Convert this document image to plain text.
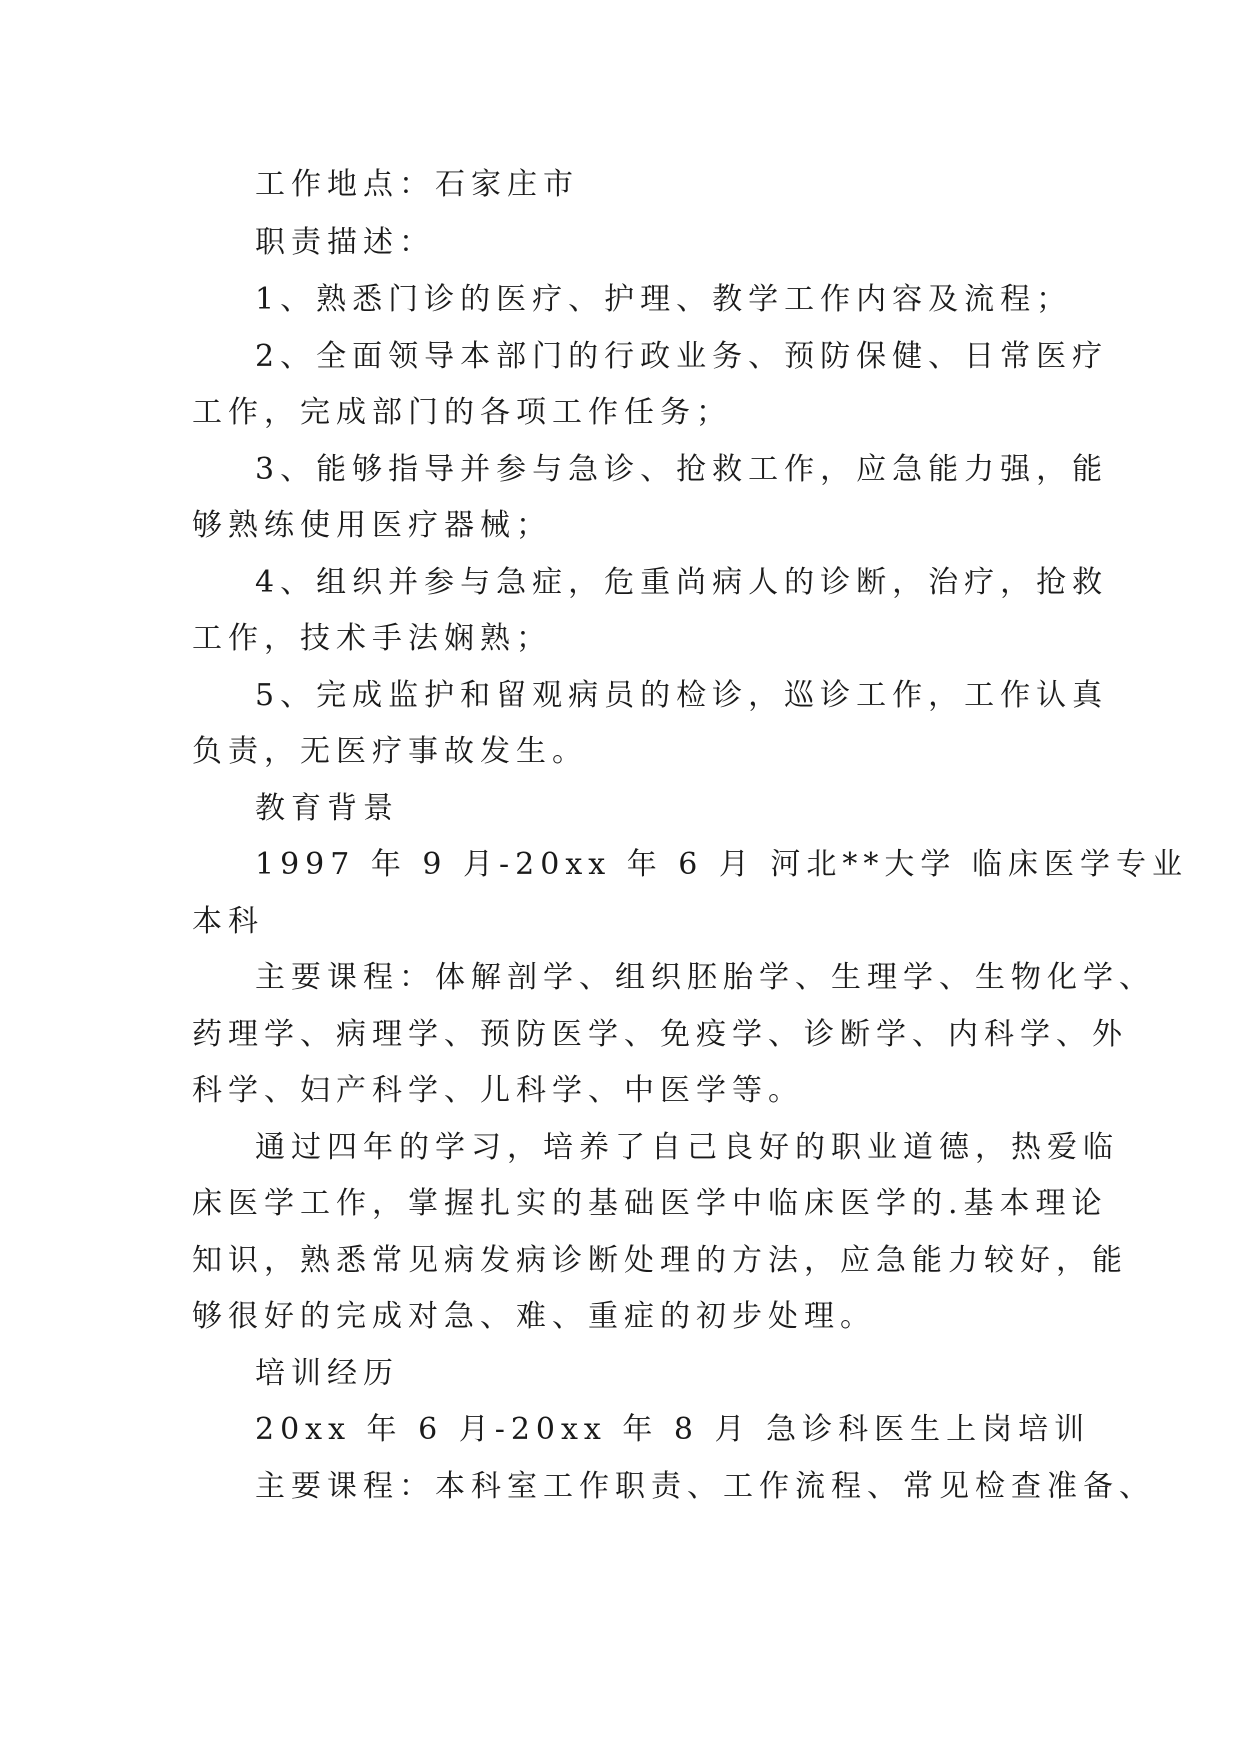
工作地点：石家庄市
职责描述：
1、熟悉门诊的医疗、护理、教学工作内容及流程；
2、全面领导本部门的行政业务、预防保健、日常医疗
工作，完成部门的各项工作任务；
3、能够指导并参与急诊、抢救工作，应急能力强，能
够熟练使用医疗器械；
4、组织并参与急症，危重尚病人的诊断，治疗，抢救
工作，技术手法娴熟；
5、完成监护和留观病员的检诊，巡诊工作，工作认真
负责，无医疗事故发生。
教育背景
1997 年 9 月-20xx 年 6 月 河北**大学 临床医学专业
本科
主要课程：体解剖学、组织胚胎学、生理学、生物化学、
药理学、病理学、预防医学、免疫学、诊断学、内科学、外
科学、妇产科学、儿科学、中医学等。
通过四年的学习，培养了自己良好的职业道德，热爱临
床医学工作，掌握扎实的基础医学中临床医学的.基本理论
知识，熟悉常见病发病诊断处理的方法，应急能力较好，能
够很好的完成对急、难、重症的初步处理。
培训经历
20xx 年 6 月-20xx 年 8 月 急诊科医生上岗培训
主要课程：本科室工作职责、工作流程、常见检查准备、
